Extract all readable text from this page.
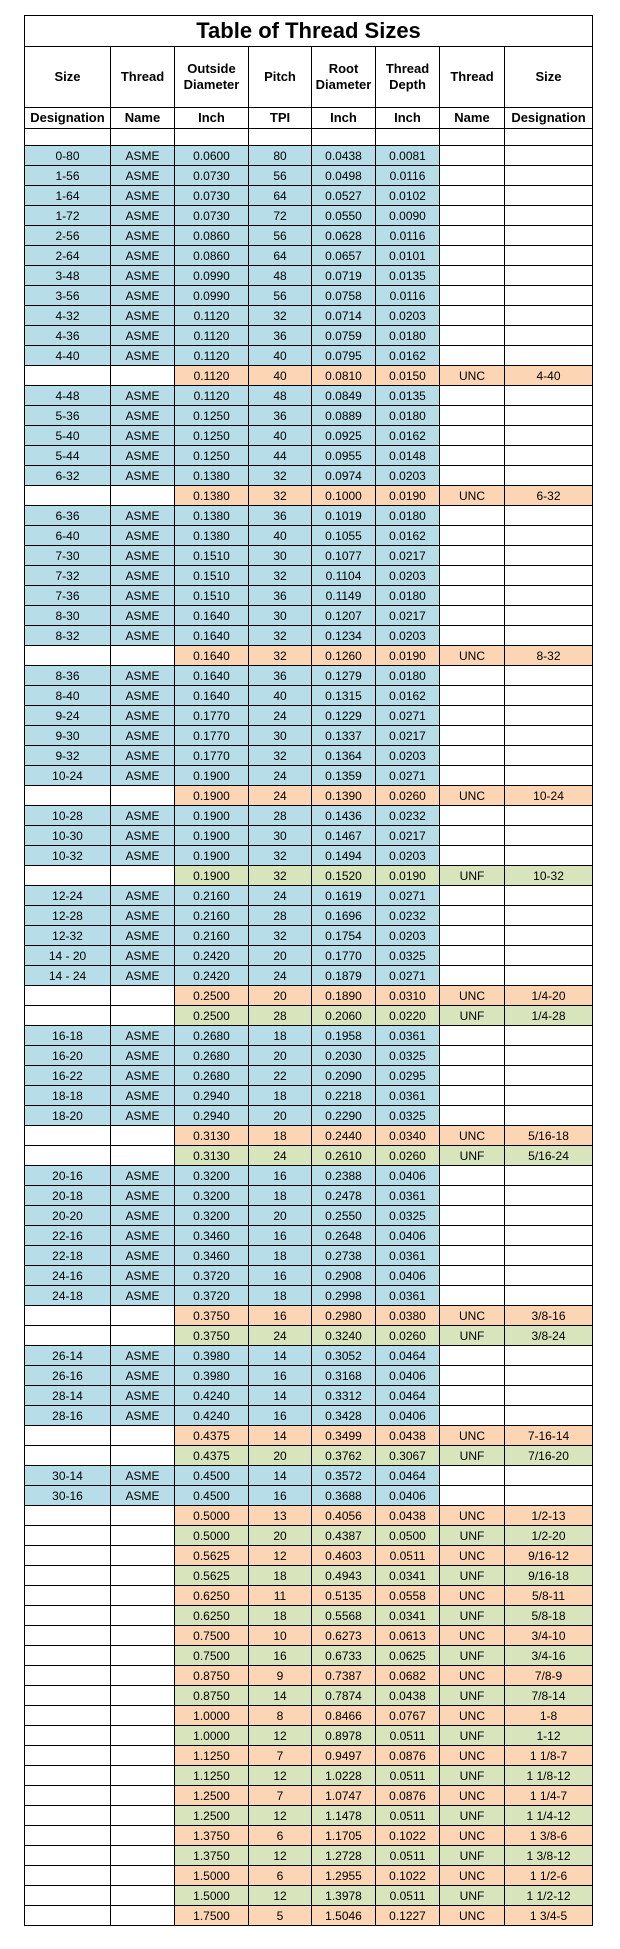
Table of Thread Sizes							
Size	Thread	Outside Diameter	Pitch	Root Diameter	Thread Depth	Thread	Size
Designation	Name	Inch	TPI	Inch	Inch	Name	Designation

0-80	ASME	0.0600	80	0.0438	0.0081		
1-56	ASME	0.0730	56	0.0498	0.0116		
1-64	ASME	0.0730	64	0.0527	0.0102		
1-72	ASME	0.0730	72	0.0550	0.0090		
2-56	ASME	0.0860	56	0.0628	0.0116		
2-64	ASME	0.0860	64	0.0657	0.0101		
3-48	ASME	0.0990	48	0.0719	0.0135		
3-56	ASME	0.0990	56	0.0758	0.0116		
4-32	ASME	0.1120	32	0.0714	0.0203		
4-36	ASME	0.1120	36	0.0759	0.0180		
4-40	ASME	0.1120	40	0.0795	0.0162		
		0.1120	40	0.0810	0.0150	UNC	4-40
4-48	ASME	0.1120	48	0.0849	0.0135		
5-36	ASME	0.1250	36	0.0889	0.0180		
5-40	ASME	0.1250	40	0.0925	0.0162		
5-44	ASME	0.1250	44	0.0955	0.0148		
6-32	ASME	0.1380	32	0.0974	0.0203		
		0.1380	32	0.1000	0.0190	UNC	6-32
6-36	ASME	0.1380	36	0.1019	0.0180		
6-40	ASME	0.1380	40	0.1055	0.0162		
7-30	ASME	0.1510	30	0.1077	0.0217		
7-32	ASME	0.1510	32	0.1104	0.0203		
7-36	ASME	0.1510	36	0.1149	0.0180		
8-30	ASME	0.1640	30	0.1207	0.0217		
8-32	ASME	0.1640	32	0.1234	0.0203		
		0.1640	32	0.1260	0.0190	UNC	8-32
8-36	ASME	0.1640	36	0.1279	0.0180		
8-40	ASME	0.1640	40	0.1315	0.0162		
9-24	ASME	0.1770	24	0.1229	0.0271		
9-30	ASME	0.1770	30	0.1337	0.0217		
9-32	ASME	0.1770	32	0.1364	0.0203		
10-24	ASME	0.1900	24	0.1359	0.0271		
		0.1900	24	0.1390	0.0260	UNC	10-24
10-28	ASME	0.1900	28	0.1436	0.0232		
10-30	ASME	0.1900	30	0.1467	0.0217		
10-32	ASME	0.1900	32	0.1494	0.0203		
		0.1900	32	0.1520	0.0190	UNF	10-32
12-24	ASME	0.2160	24	0.1619	0.0271		
12-28	ASME	0.2160	28	0.1696	0.0232		
12-32	ASME	0.2160	32	0.1754	0.0203		
14 - 20	ASME	0.2420	20	0.1770	0.0325		
14 - 24	ASME	0.2420	24	0.1879	0.0271		
		0.2500	20	0.1890	0.0310	UNC	1/4-20
		0.2500	28	0.2060	0.0220	UNF	1/4-28
16-18	ASME	0.2680	18	0.1958	0.0361		
16-20	ASME	0.2680	20	0.2030	0.0325		
16-22	ASME	0.2680	22	0.2090	0.0295		
18-18	ASME	0.2940	18	0.2218	0.0361		
18-20	ASME	0.2940	20	0.2290	0.0325		
		0.3130	18	0.2440	0.0340	UNC	5/16-18
		0.3130	24	0.2610	0.0260	UNF	5/16-24
20-16	ASME	0.3200	16	0.2388	0.0406		
20-18	ASME	0.3200	18	0.2478	0.0361		
20-20	ASME	0.3200	20	0.2550	0.0325		
22-16	ASME	0.3460	16	0.2648	0.0406		
22-18	ASME	0.3460	18	0.2738	0.0361		
24-16	ASME	0.3720	16	0.2908	0.0406		
24-18	ASME	0.3720	18	0.2998	0.0361		
		0.3750	16	0.2980	0.0380	UNC	3/8-16
		0.3750	24	0.3240	0.0260	UNF	3/8-24
26-14	ASME	0.3980	14	0.3052	0.0464		
26-16	ASME	0.3980	16	0.3168	0.0406		
28-14	ASME	0.4240	14	0.3312	0.0464		
28-16	ASME	0.4240	16	0.3428	0.0406		
		0.4375	14	0.3499	0.0438	UNC	7-16-14
		0.4375	20	0.3762	0.3067	UNF	7/16-20
30-14	ASME	0.4500	14	0.3572	0.0464		
30-16	ASME	0.4500	16	0.3688	0.0406		
		0.5000	13	0.4056	0.0438	UNC	1/2-13
		0.5000	20	0.4387	0.0500	UNF	1/2-20
		0.5625	12	0.4603	0.0511	UNC	9/16-12
		0.5625	18	0.4943	0.0341	UNF	9/16-18
		0.6250	11	0.5135	0.0558	UNC	5/8-11
		0.6250	18	0.5568	0.0341	UNF	5/8-18
		0.7500	10	0.6273	0.0613	UNC	3/4-10
		0.7500	16	0.6733	0.0625	UNF	3/4-16
		0.8750	9	0.7387	0.0682	UNC	7/8-9
		0.8750	14	0.7874	0.0438	UNF	7/8-14
		1.0000	8	0.8466	0.0767	UNC	1-8
		1.0000	12	0.8978	0.0511	UNF	1-12
		1.1250	7	0.9497	0.0876	UNC	1 1/8-7
		1.1250	12	1.0228	0.0511	UNF	1 1/8-12
		1.2500	7	1.0747	0.0876	UNC	1 1/4-7
		1.2500	12	1.1478	0.0511	UNF	1 1/4-12
		1.3750	6	1.1705	0.1022	UNC	1 3/8-6
		1.3750	12	1.2728	0.0511	UNF	1 3/8-12
		1.5000	6	1.2955	0.1022	UNC	1 1/2-6
		1.5000	12	1.3978	0.0511	UNF	1 1/2-12
		1.7500	5	1.5046	0.1227	UNC	1 3/4-5
